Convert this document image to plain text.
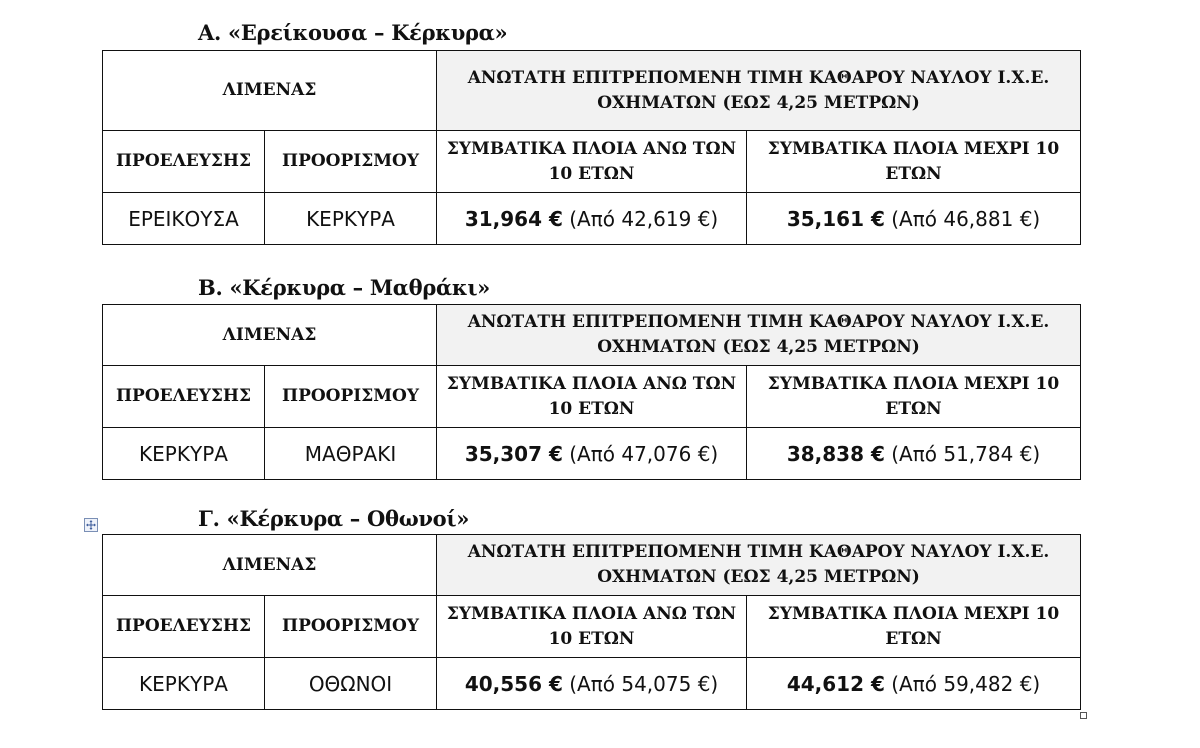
Α. «Ερείκουσα – Κέρκυρα»
ΛΙΜΕΝΑΣ		ΑΝΩΤΑΤΗ ΕΠΙΤΡΕΠΟΜΕΝΗ ΤΙΜΗ ΚΑΘΑΡΟΥ ΝΑΥΛΟΥ Ι.Χ.Ε. ΟΧΗΜΑΤΩΝ (ΕΩΣ 4,25 ΜΕΤΡΩΝ)	
ΠΡΟΕΛΕΥΣΗΣ	ΠΡΟΟΡΙΣΜΟΥ	ΣΥΜΒΑΤΙΚΑ ΠΛΟΙΑ ΑΝΩ ΤΩΝ 10 ΕΤΩΝ	ΣΥΜΒΑΤΙΚΑ ΠΛΟΙΑ ΜΕΧΡΙ 10 ΕΤΩΝ
ΕΡΕΙΚΟΥΣΑ	ΚΕΡΚΥΡΑ	31,964 € (Από 42,619 €)	35,161 € (Από 46,881 €)
Β. «Κέρκυρα – Μαθράκι»
ΛΙΜΕΝΑΣ		ΑΝΩΤΑΤΗ ΕΠΙΤΡΕΠΟΜΕΝΗ ΤΙΜΗ ΚΑΘΑΡΟΥ ΝΑΥΛΟΥ Ι.Χ.Ε. ΟΧΗΜΑΤΩΝ (ΕΩΣ 4,25 ΜΕΤΡΩΝ)	
ΠΡΟΕΛΕΥΣΗΣ	ΠΡΟΟΡΙΣΜΟΥ	ΣΥΜΒΑΤΙΚΑ ΠΛΟΙΑ ΑΝΩ ΤΩΝ 10 ΕΤΩΝ	ΣΥΜΒΑΤΙΚΑ ΠΛΟΙΑ ΜΕΧΡΙ 10 ΕΤΩΝ
ΚΕΡΚΥΡΑ	ΜΑΘΡΑΚΙ	35,307 € (Από 47,076 €)	38,838 € (Από 51,784 €)
Γ. «Κέρκυρα – Οθωνοί»
ΛΙΜΕΝΑΣ		ΑΝΩΤΑΤΗ ΕΠΙΤΡΕΠΟΜΕΝΗ ΤΙΜΗ ΚΑΘΑΡΟΥ ΝΑΥΛΟΥ Ι.Χ.Ε. ΟΧΗΜΑΤΩΝ (ΕΩΣ 4,25 ΜΕΤΡΩΝ)	
ΠΡΟΕΛΕΥΣΗΣ	ΠΡΟΟΡΙΣΜΟΥ	ΣΥΜΒΑΤΙΚΑ ΠΛΟΙΑ ΑΝΩ ΤΩΝ 10 ΕΤΩΝ	ΣΥΜΒΑΤΙΚΑ ΠΛΟΙΑ ΜΕΧΡΙ 10 ΕΤΩΝ
ΚΕΡΚΥΡΑ	ΟΘΩΝΟΙ	40,556 € (Από 54,075 €)	44,612 € (Από 59,482 €)
